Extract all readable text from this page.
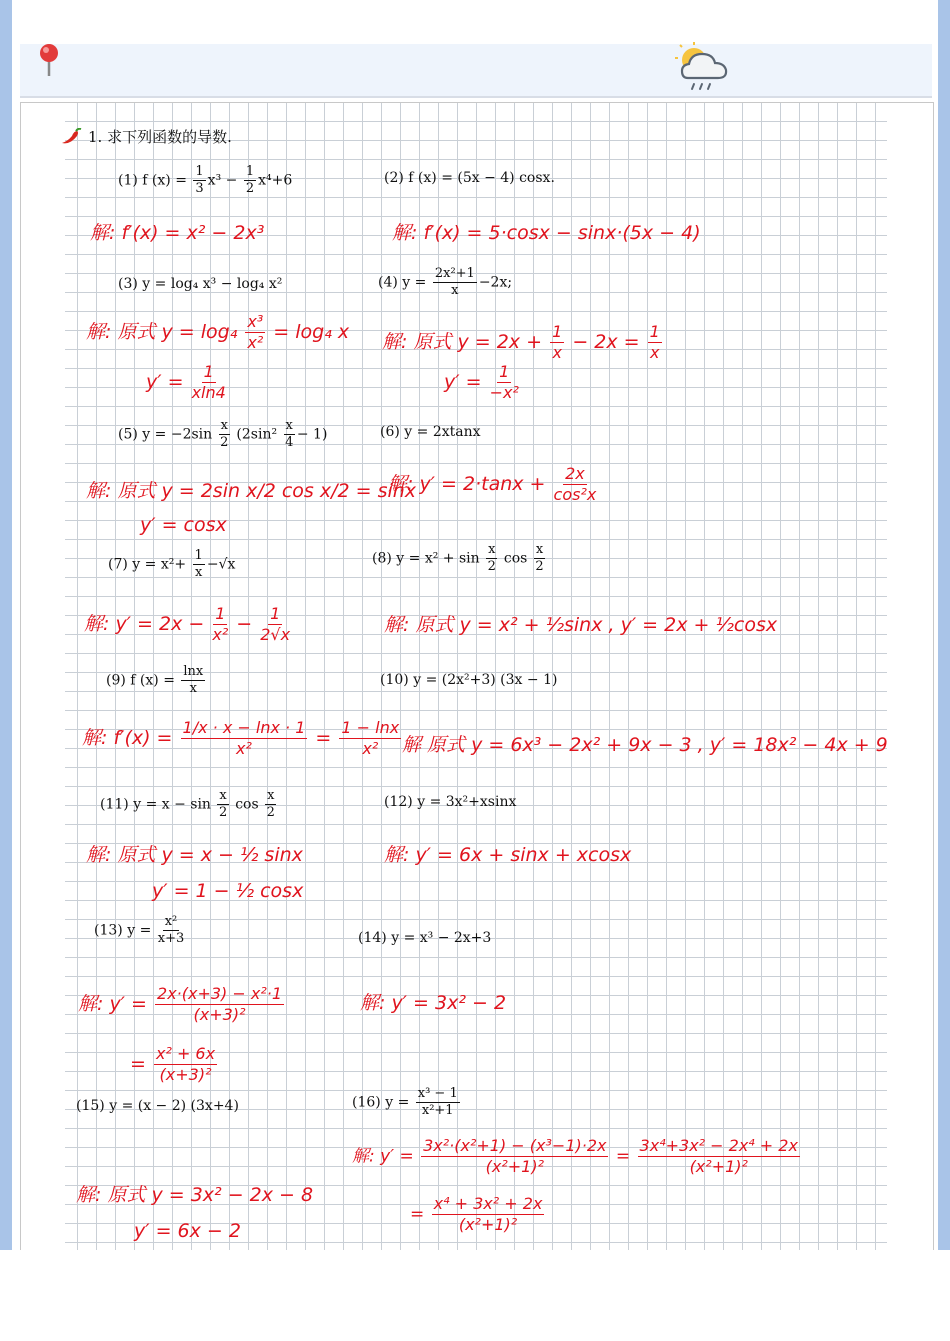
1. 求下列函数的导数.
(1) f $(x) = \frac{1}{3} x^3 - \frac{1}{2} x^4+6$	(2) f (x) = (5x − 4) cosx.
解: f′(x) = x² − 2x³	解: f′(x) = 5·cosx − sinx·(5x − 4)
(3) y = log₄ x³ − log₄ x²	(4) $y = \frac{\text{2x²+1}}{x} -2x$;
解: 原式 $y = \log_4 \frac{\text{x³}}{\text{x²}} = \log_4$ x
$y' = \frac{1}{xln4}$
解: 原式 $y = 2x + \frac{1}{x} - 2x = \frac{1}{x}$
$y' = \frac{1}{\text{−x²}}$
(5) $y = -2\sin \frac{x}{2} (2\sin^2 \frac{x}{4} - 1)$	(6) y = 2xtanx
解: 原式 y = 2sin x/2 cos x/2 = sinx
y′ = cosx
解: $y' = 2\cdot\tan x + \frac{2x}{\text{cos²x}}$
(7) $y = x^2+ \frac{1}{x} -√x$	(8) $y = x^2 + \sin \frac{x}{2}$ $\cos \frac{x}{2}$
解: $y' = 2x - \frac{1}{\text{x²}} - \frac{1}{2√x}$	解: 原式 y = x² + ½sinx , y′ = 2x + ½cosx
(9) f $(x) = \frac{\ln x}{x}$	(10) y = (2x²+3) (3x − 1)
解: $f'(x) = \frac{1/x \cdot x - \ln x \cdot 1}{\text{x²}} = \frac{1 - \ln x}{\text{x²}}$ 解 原式 y = 6x³ − 2x² + 9x − 3 , y′ = 18x² − 4x + 9
(11) $y = x - \sin \frac{x}{2}$ $\cos \frac{x}{2}$	(12) y = 3x²+xsinx
解: 原式 y = x − ½ sinx
y′ = 1 − ½ cosx
解: y′ = 6x + sinx + xcosx
(13) $y = \frac{\text{x²}}{x+3}$	(14) y = x³ − 2x+3
解: $y' = \frac{\text{2x·(x+3) − x²·1}}{\text{(x+3)²}}$
= $\frac{\text{x² + 6x}}{\text{(x+3)²}}$
解: y′ = 3x² − 2
(15) y = (x − 2) (3x+4)	(16) $y = \frac{\text{x³ − 1}}{\text{x²+1}}$
解: 原式 y = 3x² − 2x − 8
y′ = 6x − 2
解: $y' = \frac{\text{3x²·(x²+1) − (x³−1)·2x}}{\text{(x²+1)²}} = \frac{\text{3x⁴+3x² − 2x⁴ + 2x}}{\text{(x²+1)²}}$
= $\frac{\text{x⁴ + 3x² + 2x}}{\text{(x²+1)²}}$
